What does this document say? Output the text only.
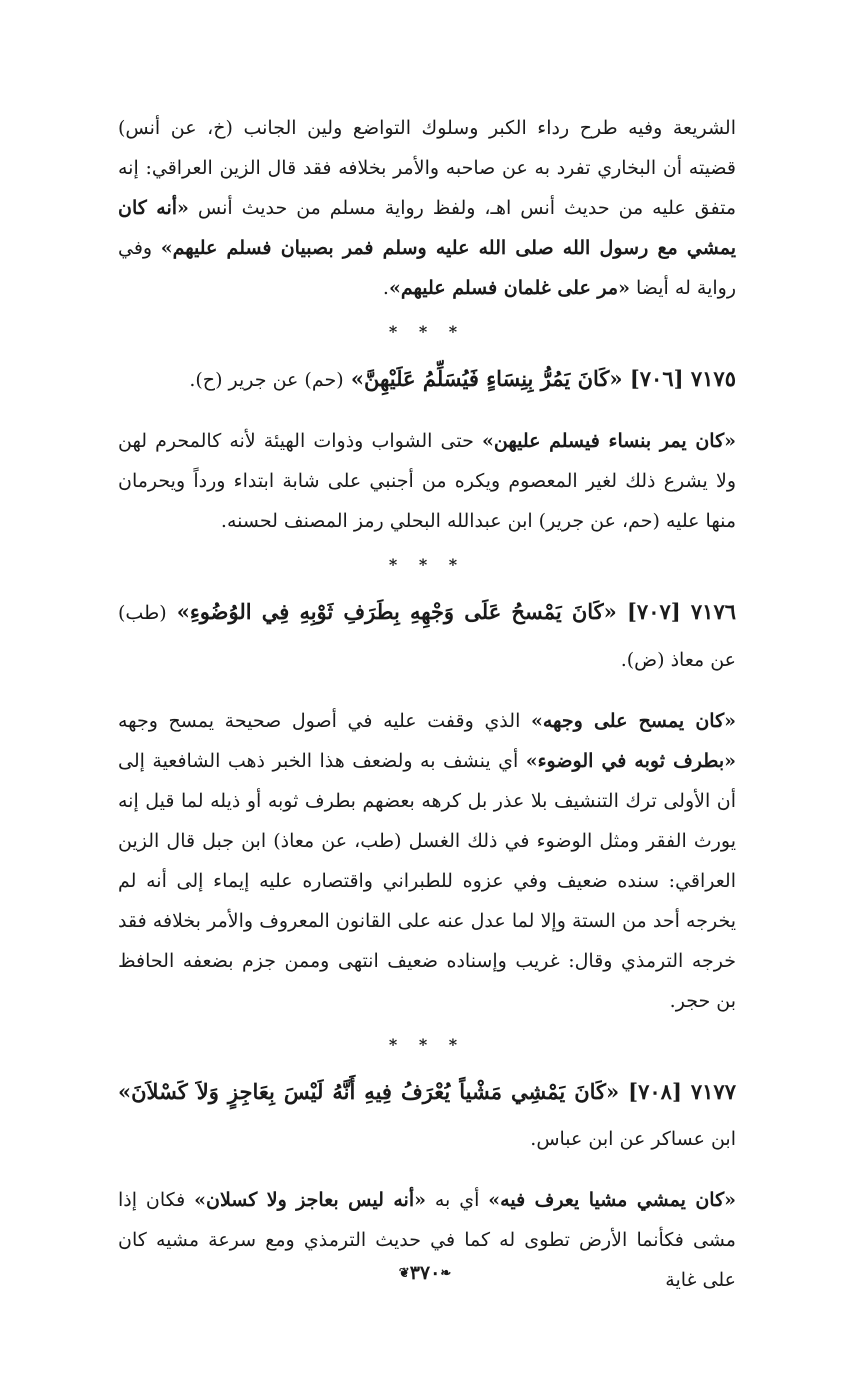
الشريعة وفيه طرح رداء الكبر وسلوك التواضع ولين الجانب (خ، عن أنس) قضيته أن البخاري تفرد به عن صاحبه والأمر بخلافه فقد قال الزين العراقي: إنه متفق عليه من حديث أنس اهـ، ولفظ رواية مسلم من حديث أنس «أنه كان يمشي مع رسول الله صلى الله عليه وسلم فمر بصبيان فسلم عليهم» وفي رواية له أيضا «مر على غلمان فسلم عليهم».

* * *

٧١٧٥ [٧٠٦] «كَانَ يَمُرُّ بِنِسَاءٍ فَيُسَلِّمُ عَلَيْهِنَّ» (حم) عن جرير (ح).

«كان يمر بنساء فيسلم عليهن» حتى الشواب وذوات الهيئة لأنه كالمحرم لهن ولا يشرع ذلك لغير المعصوم ويكره من أجنبي على شابة ابتداء ورداً ويحرمان منها عليه (حم، عن جرير) ابن عبدالله البحلي رمز المصنف لحسنه.

* * *

٧١٧٦ [٧٠٧] «كَانَ يَمْسحُ عَلَى وَجْهِهِ بِطَرَفِ ثَوْبِهِ فِي الوُضُوءِ» (طب) عن معاذ (ض).

«كان يمسح على وجهه» الذي وقفت عليه في أصول صحيحة يمسح وجهه «بطرف ثوبه في الوضوء» أي ينشف به ولضعف هذا الخبر ذهب الشافعية إلى أن الأولى ترك التنشيف بلا عذر بل كرهه بعضهم بطرف ثوبه أو ذيله لما قيل إنه يورث الفقر ومثل الوضوء في ذلك الغسل (طب، عن معاذ) ابن جبل قال الزين العراقي: سنده ضعيف وفي عزوه للطبراني واقتصاره عليه إيماء إلى أنه لم يخرجه أحد من الستة وإلا لما عدل عنه على القانون المعروف والأمر بخلافه فقد خرجه الترمذي وقال: غريب وإسناده ضعيف انتهى وممن جزم بضعفه الحافظ بن حجر.

* * *

٧١٧٧ [٧٠٨] «كَانَ يَمْشِي مَشْياً يُعْرَفُ فِيهِ أَنَّهُ لَيْسَ بِعَاجِزٍ وَلاَ كَسْلاَنَ» ابن عساكر عن ابن عباس.

«كان يمشي مشيا يعرف فيه» أي به «أنه ليس بعاجز ولا كسلان» فكان إذا مشى فكأنما الأرض تطوى له كما في حديث الترمذي ومع سرعة مشيه كان على غاية

❧٣٧٠❦
